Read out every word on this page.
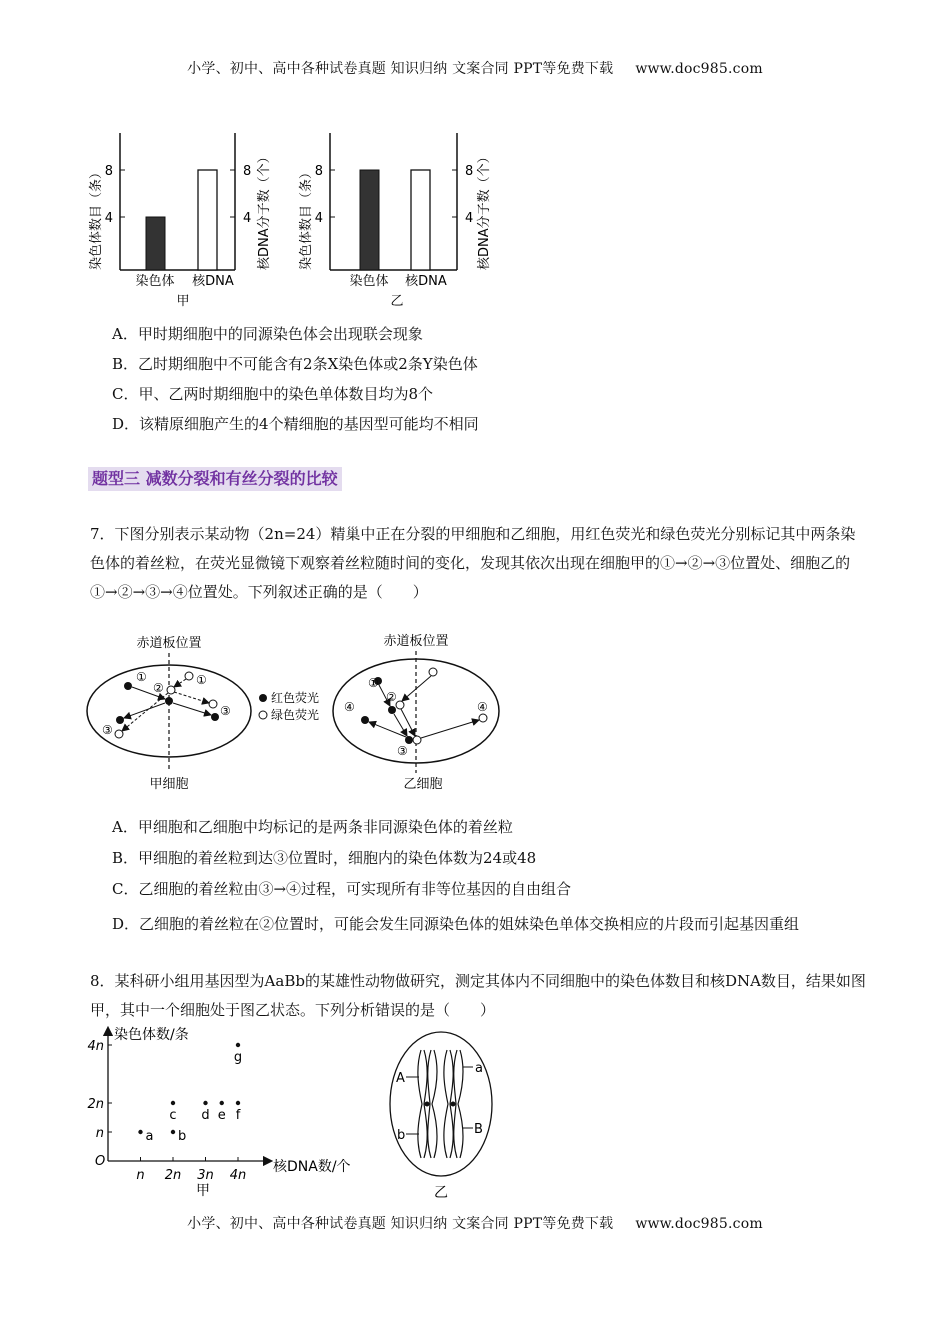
小学、初中、高中各种试卷真题 知识归纳 文案合同 PPT等免费下载 www.doc985.com
4
8
4
8
染色体数目（条）	核DNA分子数（个）
染色体 核DNA
甲
4
8
4
8
染色体数目（条）	核DNA分子数（个）
染色体 核DNA
乙
A．甲时期细胞中的同源染色体会出现联会现象
B．乙时期细胞中不可能含有2条X染色体或2条Y染色体
C．甲、乙两时期细胞中的染色单体数目均为8个
D．该精原细胞产生的4个精细胞的基因型可能均不相同
题型三 减数分裂和有丝分裂的比较
7．下图分别表示某动物（2n=24）精巢中正在分裂的甲细胞和乙细胞，用红色荧光和绿色荧光分别标记其中两条染色体的着丝粒，在荧光显微镜下观察着丝粒随时间的变化，发现其依次出现在细胞甲的①→②→③位置处、细胞乙的①→②→③→④位置处。下列叙述正确的是（　　）
赤道板位置
甲细胞
①
②
①
③
③
红色荧光
绿色荧光
赤道板位置
乙细胞
①
②
③
④	④
A．甲细胞和乙细胞中均标记的是两条非同源染色体的着丝粒
B．甲细胞的着丝粒到达③位置时，细胞内的染色体数为24或48
C．乙细胞的着丝粒由③→④过程，可实现所有非等位基因的自由组合
D．乙细胞的着丝粒在②位置时，可能会发生同源染色体的姐妹染色单体交换相应的片段而引起基因重组
8．某科研小组用基因型为AaBb的某雄性动物做研究，测定其体内不同细胞中的染色体数目和核DNA数目，结果如图甲，其中一个细胞处于图乙状态。下列分析错误的是（　　）
染色体数/条
核DNA数/个
O
n 2n 3n 4n
n
2n
4n
a b
c d e f
g
甲
A
a
b	B
乙
小学、初中、高中各种试卷真题 知识归纳 文案合同 PPT等免费下载 www.doc985.com
